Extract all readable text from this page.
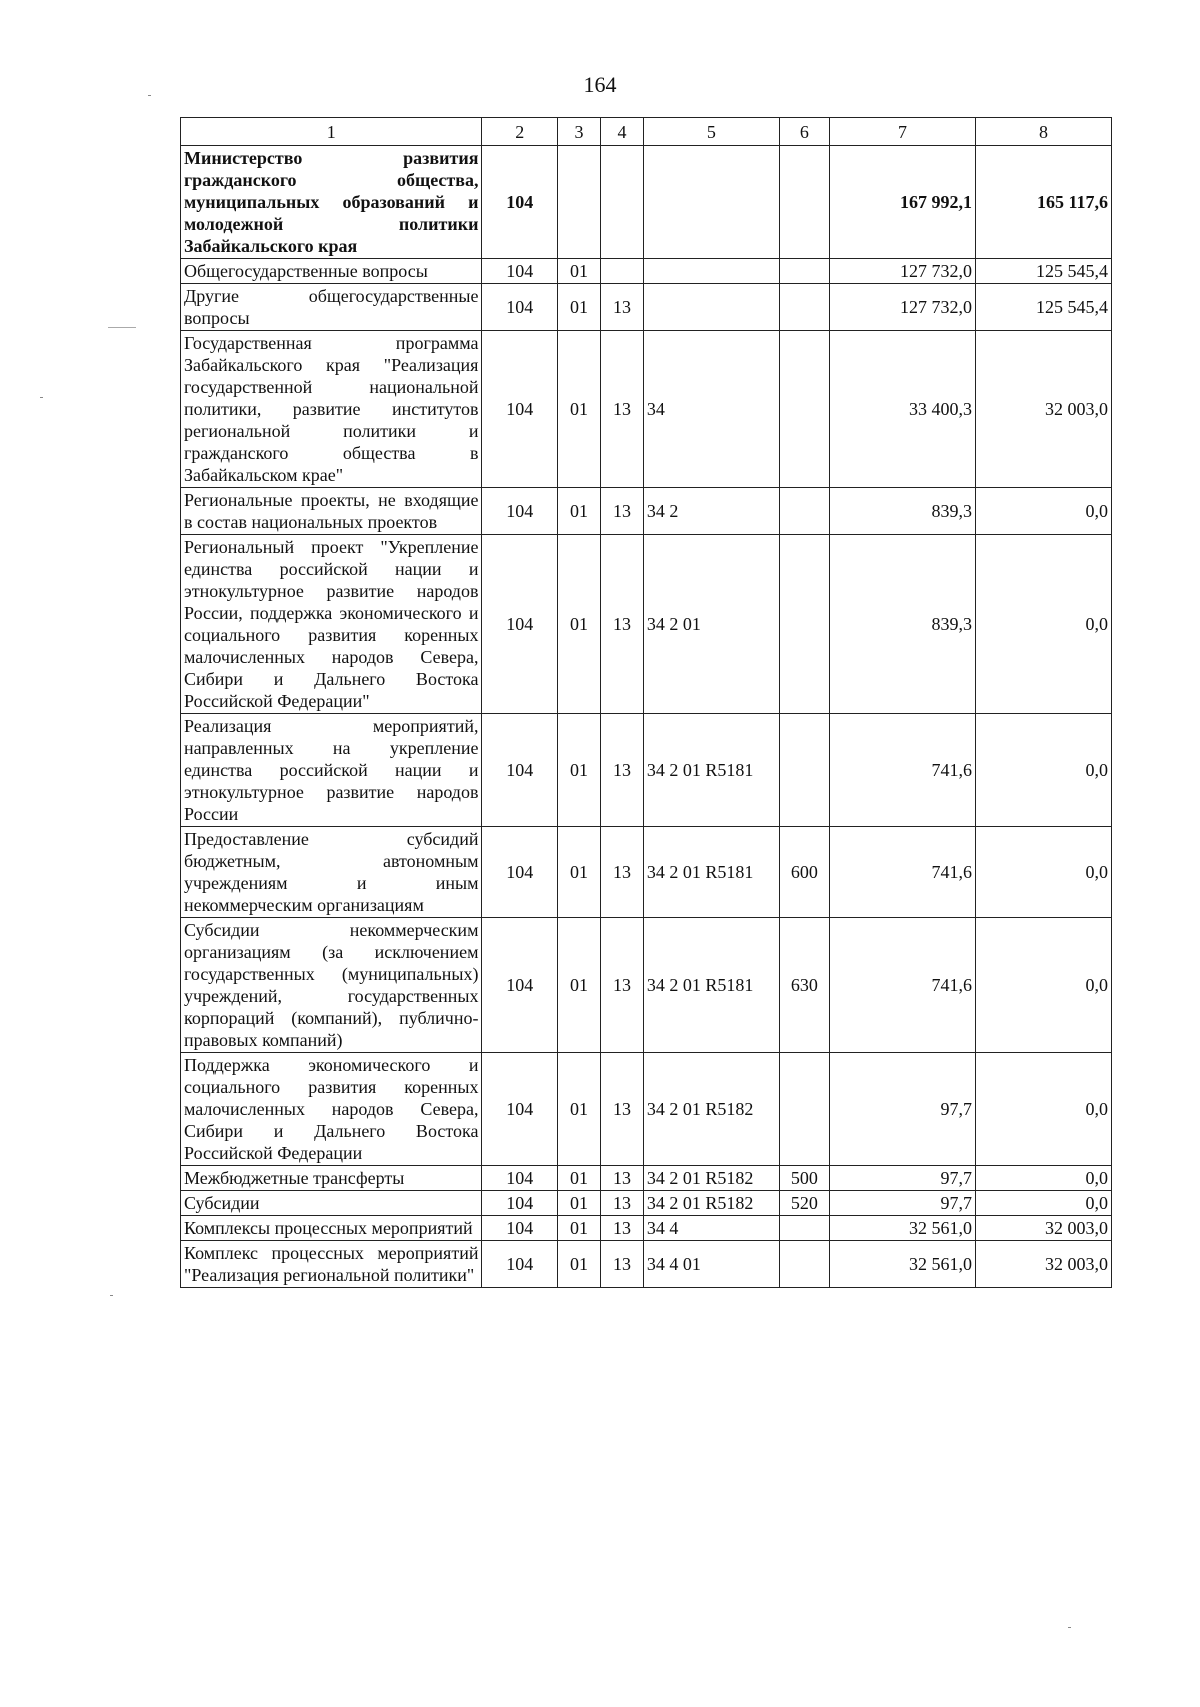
164
1	2	3	4	5	6	7	8
Министерство развития гражданского общества, муниципальных образований и молодежной политики Забайкальского края	104					167 992,1	165 117,6
Общегосударственные вопросы	104	01				127 732,0	125 545,4
Другие общегосударственные вопросы	104	01	13			127 732,0	125 545,4
Государственная программа Забайкальского края "Реализация государственной национальной политики, развитие институтов региональной политики и гражданского общества в Забайкальском крае"	104	01	13	34		33 400,3	32 003,0
Региональные проекты, не входящие в состав национальных проектов	104	01	13	34 2		839,3	0,0
Региональный проект "Укрепление единства российской нации и этнокультурное развитие народов России, поддержка экономического и социального развития коренных малочисленных народов Севера, Сибири и Дальнего Востока Российской Федерации"	104	01	13	34 2 01		839,3	0,0
Реализация мероприятий, направленных на укрепление единства российской нации и этнокультурное развитие народов России	104	01	13	34 2 01 R5181		741,6	0,0
Предоставление субсидий бюджетным, автономным учреждениям и иным некоммерческим организациям	104	01	13	34 2 01 R5181	600	741,6	0,0
Субсидии некоммерческим организациям (за исключением государственных (муниципальных) учреждений, государственных корпораций (компаний), публично-правовых компаний)	104	01	13	34 2 01 R5181	630	741,6	0,0
Поддержка экономического и социального развития коренных малочисленных народов Севера, Сибири и Дальнего Востока Российской Федерации	104	01	13	34 2 01 R5182		97,7	0,0
Межбюджетные трансферты	104	01	13	34 2 01 R5182	500	97,7	0,0
Субсидии	104	01	13	34 2 01 R5182	520	97,7	0,0
Комплексы процессных мероприятий	104	01	13	34 4		32 561,0	32 003,0
Комплекс процессных мероприятий "Реализация региональной политики"	104	01	13	34 4 01		32 561,0	32 003,0
